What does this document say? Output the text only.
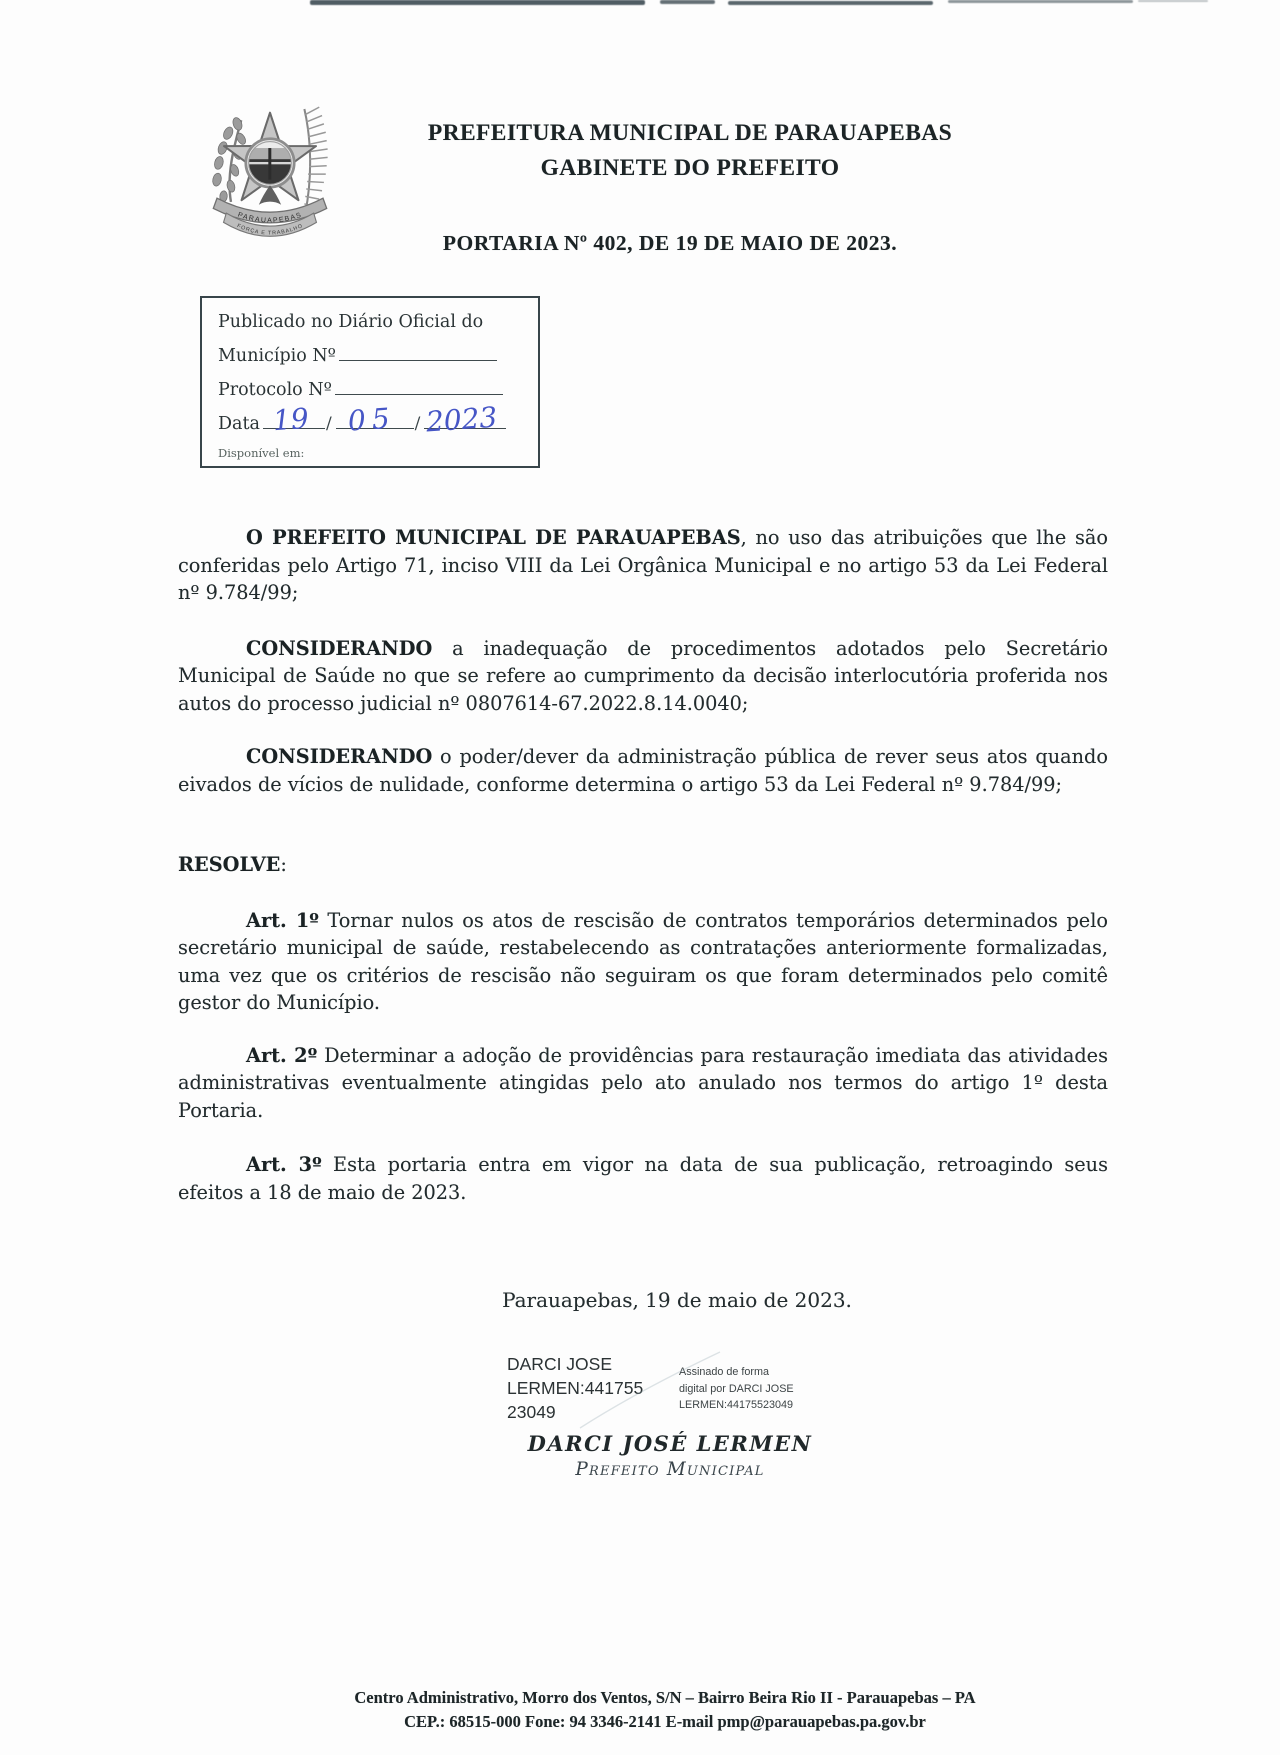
PARAUAPEBAS
FORÇA E TRABALHO
PREFEITURA MUNICIPAL DE PARAUAPEBAS
GABINETE DO PREFEITO
PORTARIA Nº 402, DE 19 DE MAIO DE 2023.
Publicado no Diário Oficial do
Município Nº
Protocolo Nº
Data 19 / 05 / 2023
Disponível em:

O PREFEITO MUNICIPAL DE PARAUAPEBAS, no uso das atribuições que lhe são conferidas pelo Artigo 71, inciso VIII da Lei Orgânica Municipal e no artigo 53 da Lei Federal nº 9.784/99;

CONSIDERANDO a inadequação de procedimentos adotados pelo Secretário Municipal de Saúde no que se refere ao cumprimento da decisão interlocutória proferida nos autos do processo judicial nº 0807614-67.2022.8.14.0040;

CONSIDERANDO o poder/dever da administração pública de rever seus atos quando eivados de vícios de nulidade, conforme determina o artigo 53 da Lei Federal nº 9.784/99;

RESOLVE:

Art. 1º Tornar nulos os atos de rescisão de contratos temporários determinados pelo secretário municipal de saúde, restabelecendo as contratações anteriormente formalizadas, uma vez que os critérios de rescisão não seguiram os que foram determinados pelo comitê gestor do Município.

Art. 2º Determinar a adoção de providências para restauração imediata das atividades administrativas eventualmente atingidas pelo ato anulado nos termos do artigo 1º desta Portaria.

Art. 3º Esta portaria entra em vigor na data de sua publicação, retroagindo seus efeitos a 18 de maio de 2023.

Parauapebas, 19 de maio de 2023.
DARCI JOSE
LERMEN:441755
23049
Assinado de forma
digital por DARCI JOSE
LERMEN:44175523049
DARCI JOSÉ LERMEN
Prefeito Municipal
Centro Administrativo, Morro dos Ventos, S/N – Bairro Beira Rio II - Parauapebas – PA
CEP.: 68515-000 Fone: 94 3346-2141 E-mail pmp@parauapebas.pa.gov.br
